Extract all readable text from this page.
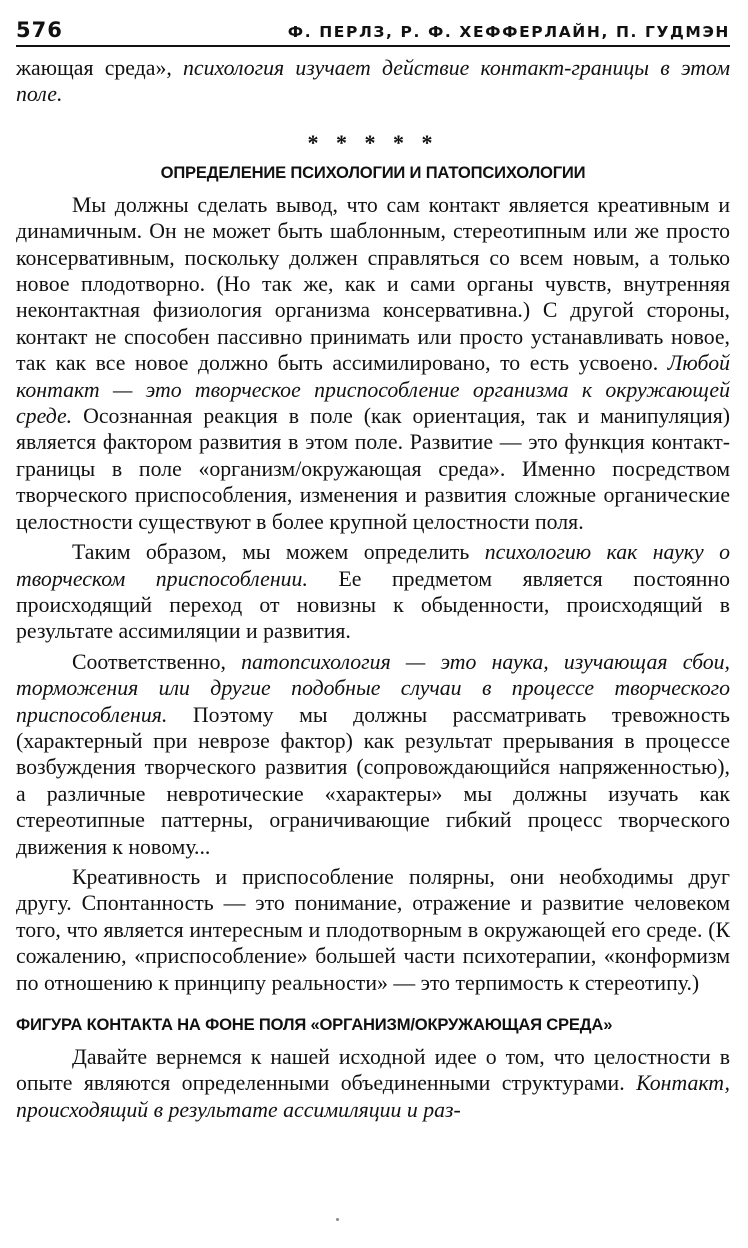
576	Ф. ПЕРЛЗ, Р. Ф. ХЕФФЕРЛАЙН, П. ГУДМЭН

жающая среда», психология изучает действие контакт-границы в этом поле.

* * * * *
ОПРЕДЕЛЕНИЕ ПСИХОЛОГИИ И ПАТОПСИХОЛОГИИ

Мы должны сделать вывод, что сам контакт является креативным и динамичным. Он не может быть шаблонным, стереотипным или же просто консервативным, поскольку должен справляться со всем новым, а только новое плодотворно. (Но так же, как и сами органы чувств, внутренняя неконтактная физиология организма консервативна.) С другой стороны, контакт не способен пассивно принимать или просто устанавливать новое, так как все новое должно быть ассимилировано, то есть усвоено. Любой контакт — это творческое приспособление организма к окружающей среде. Осознанная реакция в поле (как ориентация, так и манипуляция) является фактором развития в этом поле. Развитие — это функция контакт-границы в поле «организм/окружающая среда». Именно посредством творческого приспособления, изменения и развития сложные органические целостности существуют в более крупной целостности поля.

Таким образом, мы можем определить психологию как науку о творческом приспособлении. Ее предметом является постоянно происходящий переход от новизны к обыденности, происходящий в результате ассимиляции и развития.

Соответственно, патопсихология — это наука, изучающая сбои, торможения или другие подобные случаи в процессе творческого приспособления. Поэтому мы должны рассматривать тревожность (характерный при неврозе фактор) как результат прерывания в процессе возбуждения творческого развития (сопровождающийся напряженностью), а различные невротические «характеры» мы должны изучать как стереотипные паттерны, ограничивающие гибкий процесс творческого движения к новому...

Креативность и приспособление полярны, они необходимы друг другу. Спонтанность — это понимание, отражение и развитие человеком того, что является интересным и плодотворным в окружающей его среде. (К сожалению, «приспособление» большей части психотерапии, «конформизм по отношению к принципу реальности» — это терпимость к стереотипу.)

ФИГУРА КОНТАКТА НА ФОНЕ ПОЛЯ «ОРГАНИЗМ/ОКРУЖАЮЩАЯ СРЕДА»

Давайте вернемся к нашей исходной идее о том, что целостности в опыте являются определенными объединенными структурами. Контакт, происходящий в результате ассимиляции и раз-
